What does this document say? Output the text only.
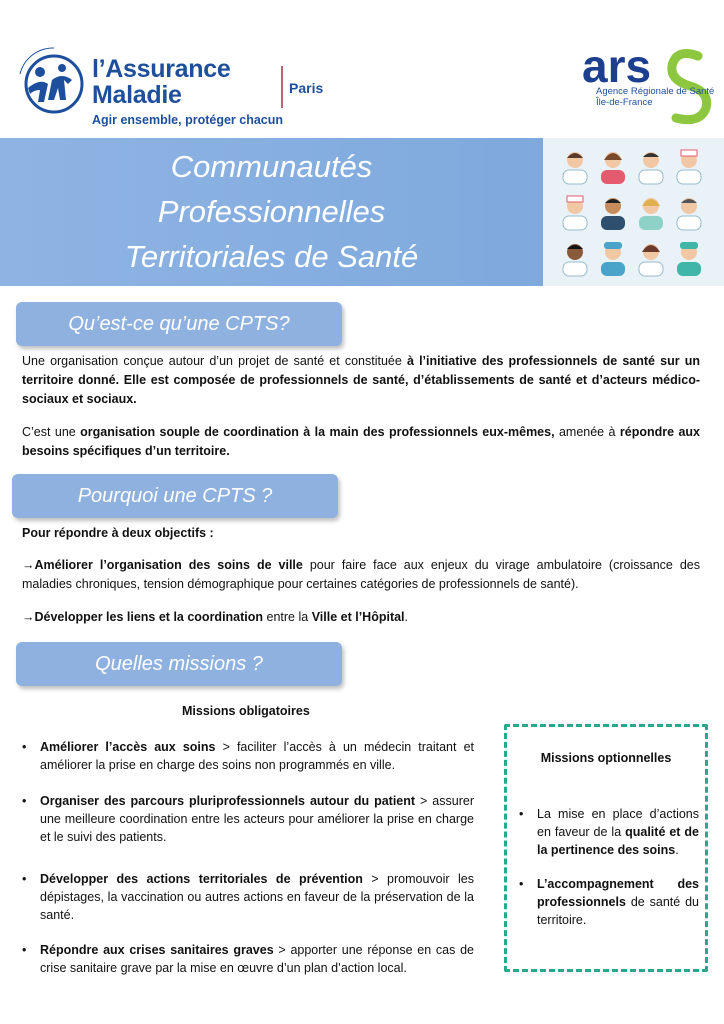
l’Assurance
Maladie
Agir ensemble, protéger chacun
Paris	ars
Agence Régionale de Santé
Île-de-France
Communautés
Professionnelles
Territoriales de Santé
Qu’est-ce qu’une CPTS?
Une organisation conçue autour d’un projet de santé et constituée à l’initiative des professionnels de santé sur un territoire donné. Elle est composée de professionnels de santé, d’établissements de santé et d’acteurs médico-sociaux et sociaux.
C’est une organisation souple de coordination à la main des professionnels eux-mêmes, amenée à répondre aux besoins spécifiques d’un territoire.
Pourquoi une CPTS ?
Pour répondre à deux objectifs :
→Améliorer l’organisation des soins de ville pour faire face aux enjeux du virage ambulatoire (croissance des maladies chroniques, tension démographique pour certaines catégories de professionnels de santé).
→Développer les liens et la coordination entre la Ville et l’Hôpital.
Quelles missions ?
Missions obligatoires
• Améliorer l’accès aux soins > faciliter l’accès à un médecin traitant et améliorer la prise en charge des soins non programmés en ville.
• Organiser des parcours pluriprofessionnels autour du patient > assurer une meilleure coordination entre les acteurs pour améliorer la prise en charge et le suivi des patients.
• Développer des actions territoriales de prévention > promouvoir les dépistages, la vaccination ou autres actions en faveur de la préservation de la santé.
• Répondre aux crises sanitaires graves > apporter une réponse en cas de crise sanitaire grave par la mise en œuvre d’un plan d’action local.
Missions optionnelles
• La mise en place d’actions en faveur de la qualité et de la pertinence des soins.
• L’accompagnement des professionnels de santé du territoire.
